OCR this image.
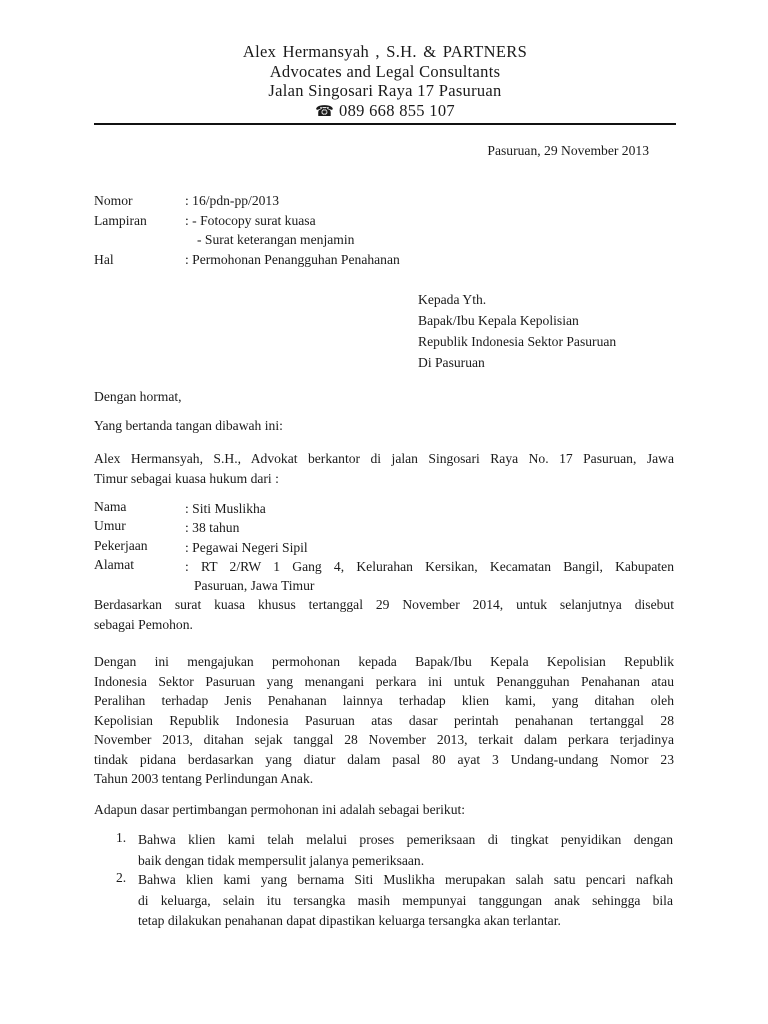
Alex Hermansyah , S.H. & PARTNERS
Advocates and Legal Consultants
Jalan Singosari Raya 17 Pasuruan
☎ 089 668 855 107
Pasuruan, 29 November 2013
Nomor	: 16/pdn-pp/2013
Lampiran	: - Fotocopy surat kuasa
- Surat keterangan menjamin
Hal	: Permohonan Penangguhan Penahanan
Kepada Yth.
Bapak/Ibu Kepala Kepolisian
Republik Indonesia Sektor Pasuruan
Di Pasuruan
Dengan hormat,
Yang bertanda tangan dibawah ini:
Alex Hermansyah, S.H., Advokat berkantor di jalan Singosari Raya No. 17 Pasuruan, Jawa
Timur sebagai kuasa hukum dari :
Nama	: Siti Muslikha
Umur	: 38 tahun
Pekerjaan	: Pegawai Negeri Sipil
Alamat	: RT 2/RW 1 Gang 4, Kelurahan Kersikan, Kecamatan Bangil, Kabupaten
Pasuruan, Jawa Timur
Berdasarkan surat kuasa khusus tertanggal 29 November 2014, untuk selanjutnya disebut
sebagai Pemohon.
Dengan ini mengajukan permohonan kepada Bapak/Ibu Kepala Kepolisian Republik
Indonesia Sektor Pasuruan yang menangani perkara ini untuk Penangguhan Penahanan atau
Peralihan terhadap Jenis Penahanan lainnya terhadap klien kami, yang ditahan oleh
Kepolisian Republik Indonesia Pasuruan atas dasar perintah penahanan tertanggal 28
November 2013, ditahan sejak tanggal 28 November 2013, terkait dalam perkara terjadinya
tindak pidana berdasarkan yang diatur dalam pasal 80 ayat 3 Undang-undang Nomor 23
Tahun 2003 tentang Perlindungan Anak.
Adapun dasar pertimbangan permohonan ini adalah sebagai berikut:
1. Bahwa klien kami telah melalui proses pemeriksaan di tingkat penyidikan dengan
baik dengan tidak mempersulit jalanya pemeriksaan.
2. Bahwa klien kami yang bernama Siti Muslikha merupakan salah satu pencari nafkah
di keluarga, selain itu tersangka masih mempunyai tanggungan anak sehingga bila
tetap dilakukan penahanan dapat dipastikan keluarga tersangka akan terlantar.
